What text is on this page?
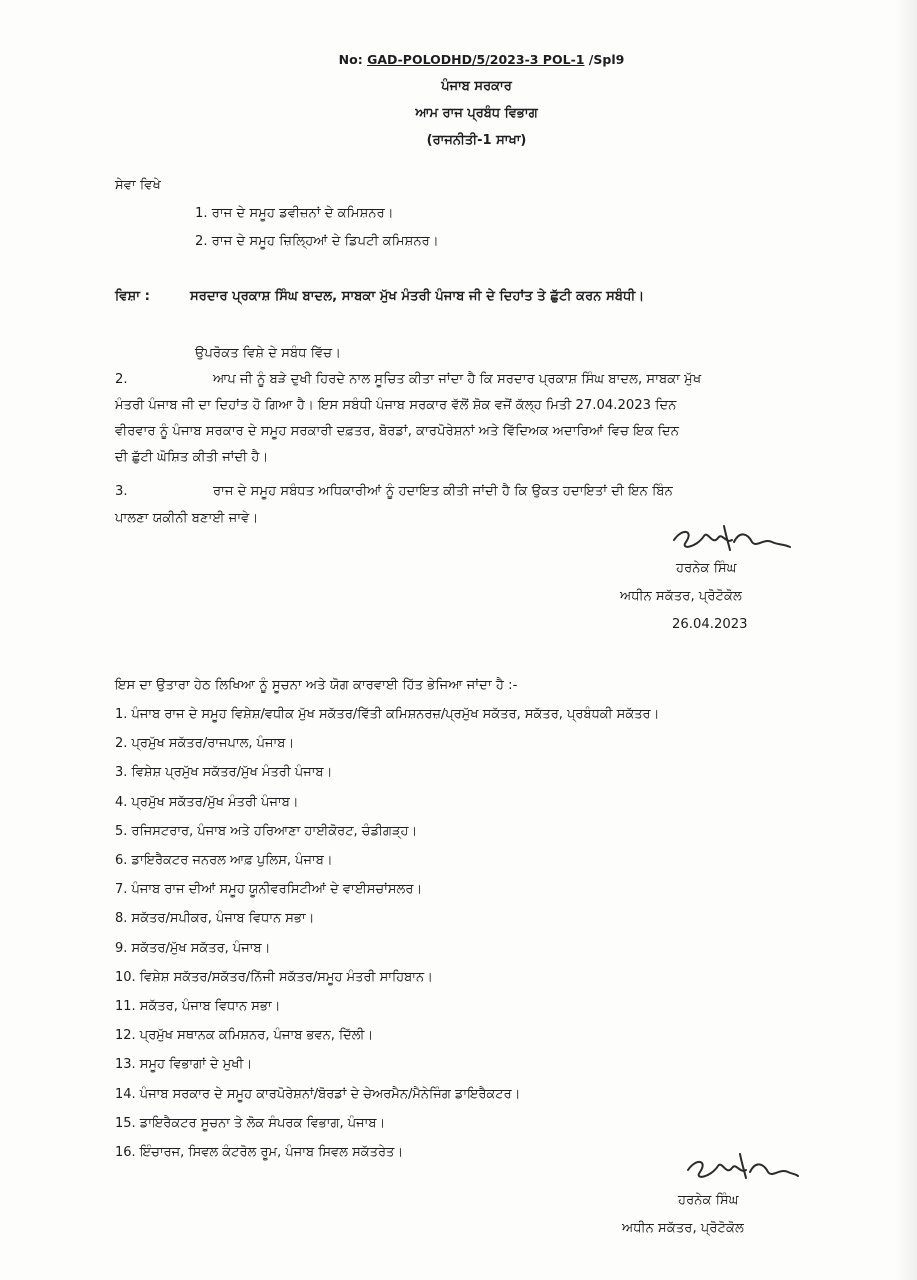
No: GAD-POLODHD/5/2023-3 POL-1 /Spl9
ਪੰਜਾਬ ਸਰਕਾਰ
ਆਮ ਰਾਜ ਪ੍ਰਬੰਧ ਵਿਭਾਗ
(ਰਾਜਨੀਤੀ-1 ਸਾਖਾ)
ਸੇਵਾ ਵਿਖੇ
1. ਰਾਜ ਦੇ ਸਮੂਹ ਡਵੀਜ਼ਨਾਂ ਦੇ ਕਮਿਸ਼ਨਰ।
2. ਰਾਜ ਦੇ ਸਮੂਹ ਜ਼ਿਲ੍ਹਿਆਂ ਦੇ ਡਿਪਟੀ ਕਮਿਸ਼ਨਰ।
ਵਿਸ਼ਾ :	ਸਰਦਾਰ ਪ੍ਰਕਾਸ਼ ਸਿੰਘ ਬਾਦਲ, ਸਾਬਕਾ ਮੁੱਖ ਮੰਤਰੀ ਪੰਜਾਬ ਜੀ ਦੇ ਦਿਹਾਂਤ ਤੇ ਛੁੱਟੀ ਕਰਨ ਸਬੰਧੀ।
ਉਪਰੋਕਤ ਵਿਸ਼ੇ ਦੇ ਸਬੰਧ ਵਿੱਚ।
2.	ਆਪ ਜੀ ਨੂੰ ਬੜੇ ਦੁਖੀ ਹਿਰਦੇ ਨਾਲ ਸੂਚਿਤ ਕੀਤਾ ਜਾਂਦਾ ਹੈ ਕਿ ਸਰਦਾਰ ਪ੍ਰਕਾਸ਼ ਸਿੰਘ ਬਾਦਲ, ਸਾਬਕਾ ਮੁੱਖ
ਮੰਤਰੀ ਪੰਜਾਬ ਜੀ ਦਾ ਦਿਹਾਂਤ ਹੋ ਗਿਆ ਹੈ। ਇਸ ਸਬੰਧੀ ਪੰਜਾਬ ਸਰਕਾਰ ਵੱਲੋਂ ਸ਼ੋਕ ਵਜੋਂ ਕੱਲ੍ਹ ਮਿਤੀ 27.04.2023 ਦਿਨ
ਵੀਰਵਾਰ ਨੂੰ ਪੰਜਾਬ ਸਰਕਾਰ ਦੇ ਸਮੂਹ ਸਰਕਾਰੀ ਦਫ਼ਤਰ, ਬੋਰਡਾਂ, ਕਾਰਪੋਰੇਸ਼ਨਾਂ ਅਤੇ ਵਿੱਦਿਅਕ ਅਦਾਰਿਆਂ ਵਿਚ ਇਕ ਦਿਨ
ਦੀ ਛੁੱਟੀ ਘੋਸ਼ਿਤ ਕੀਤੀ ਜਾਂਦੀ ਹੈ।
3.	ਰਾਜ ਦੇ ਸਮੂਹ ਸਬੰਧਤ ਅਧਿਕਾਰੀਆਂ ਨੂੰ ਹਦਾਇਤ ਕੀਤੀ ਜਾਂਦੀ ਹੈ ਕਿ ਉਕਤ ਹਦਾਇਤਾਂ ਦੀ ਇਨ ਬਿੰਨ
ਪਾਲਣਾ ਯਕੀਨੀ ਬਣਾਈ ਜਾਵੇ।
ਹਰਨੇਕ ਸਿੰਘ
ਅਧੀਨ ਸਕੱਤਰ, ਪ੍ਰੋਟੋਕੋਲ
26.04.2023
ਇਸ ਦਾ ਉਤਾਰਾ ਹੇਠ ਲਿਖਿਆ ਨੂੰ ਸੂਚਨਾ ਅਤੇ ਯੋਗ ਕਾਰਵਾਈ ਹਿੱਤ ਭੇਜਿਆ ਜਾਂਦਾ ਹੈ :-
1. ਪੰਜਾਬ ਰਾਜ ਦੇ ਸਮੂਹ ਵਿਸ਼ੇਸ਼/ਵਧੀਕ ਮੁੱਖ ਸਕੱਤਰ/ਵਿੱਤੀ ਕਮਿਸ਼ਨਰਜ਼/ਪ੍ਰਮੁੱਖ ਸਕੱਤਰ, ਸਕੱਤਰ, ਪ੍ਰਬੰਧਕੀ ਸਕੱਤਰ।
2. ਪ੍ਰਮੁੱਖ ਸਕੱਤਰ/ਰਾਜਪਾਲ, ਪੰਜਾਬ।
3. ਵਿਸ਼ੇਸ਼ ਪ੍ਰਮੁੱਖ ਸਕੱਤਰ/ਮੁੱਖ ਮੰਤਰੀ ਪੰਜਾਬ।
4. ਪ੍ਰਮੁੱਖ ਸਕੱਤਰ/ਮੁੱਖ ਮੰਤਰੀ ਪੰਜਾਬ।
5. ਰਜਿਸਟਰਾਰ, ਪੰਜਾਬ ਅਤੇ ਹਰਿਆਣਾ ਹਾਈਕੋਰਟ, ਚੰਡੀਗੜ੍ਹ।
6. ਡਾਇਰੈਕਟਰ ਜਨਰਲ ਆਫ਼ ਪੁਲਿਸ, ਪੰਜਾਬ।
7. ਪੰਜਾਬ ਰਾਜ ਦੀਆਂ ਸਮੂਹ ਯੂਨੀਵਰਸਿਟੀਆਂ ਦੇ ਵਾਈਸਚਾਂਸਲਰ।
8. ਸਕੱਤਰ/ਸਪੀਕਰ, ਪੰਜਾਬ ਵਿਧਾਨ ਸਭਾ।
9. ਸਕੱਤਰ/ਮੁੱਖ ਸਕੱਤਰ, ਪੰਜਾਬ।
10. ਵਿਸ਼ੇਸ਼ ਸਕੱਤਰ/ਸਕੱਤਰ/ਨਿੱਜੀ ਸਕੱਤਰ/ਸਮੂਹ ਮੰਤਰੀ ਸਾਹਿਬਾਨ।
11. ਸਕੱਤਰ, ਪੰਜਾਬ ਵਿਧਾਨ ਸਭਾ।
12. ਪ੍ਰਮੁੱਖ ਸਥਾਨਕ ਕਮਿਸ਼ਨਰ, ਪੰਜਾਬ ਭਵਨ, ਦਿੱਲੀ।
13. ਸਮੂਹ ਵਿਭਾਗਾਂ ਦੇ ਮੁਖੀ।
14. ਪੰਜਾਬ ਸਰਕਾਰ ਦੇ ਸਮੂਹ ਕਾਰਪੋਰੇਸ਼ਨਾਂ/ਬੋਰਡਾਂ ਦੇ ਚੇਅਰਮੈਨ/ਮੈਨੇਜਿੰਗ ਡਾਇਰੈਕਟਰ।
15. ਡਾਇਰੈਕਟਰ ਸੂਚਨਾ ਤੇ ਲੋਕ ਸੰਪਰਕ ਵਿਭਾਗ, ਪੰਜਾਬ।
16. ਇੰਚਾਰਜ, ਸਿਵਲ ਕੰਟਰੋਲ ਰੂਮ, ਪੰਜਾਬ ਸਿਵਲ ਸਕੱਤਰੇਤ।
ਹਰਨੇਕ ਸਿੰਘ
ਅਧੀਨ ਸਕੱਤਰ, ਪ੍ਰੋਟੋਕੋਲ
